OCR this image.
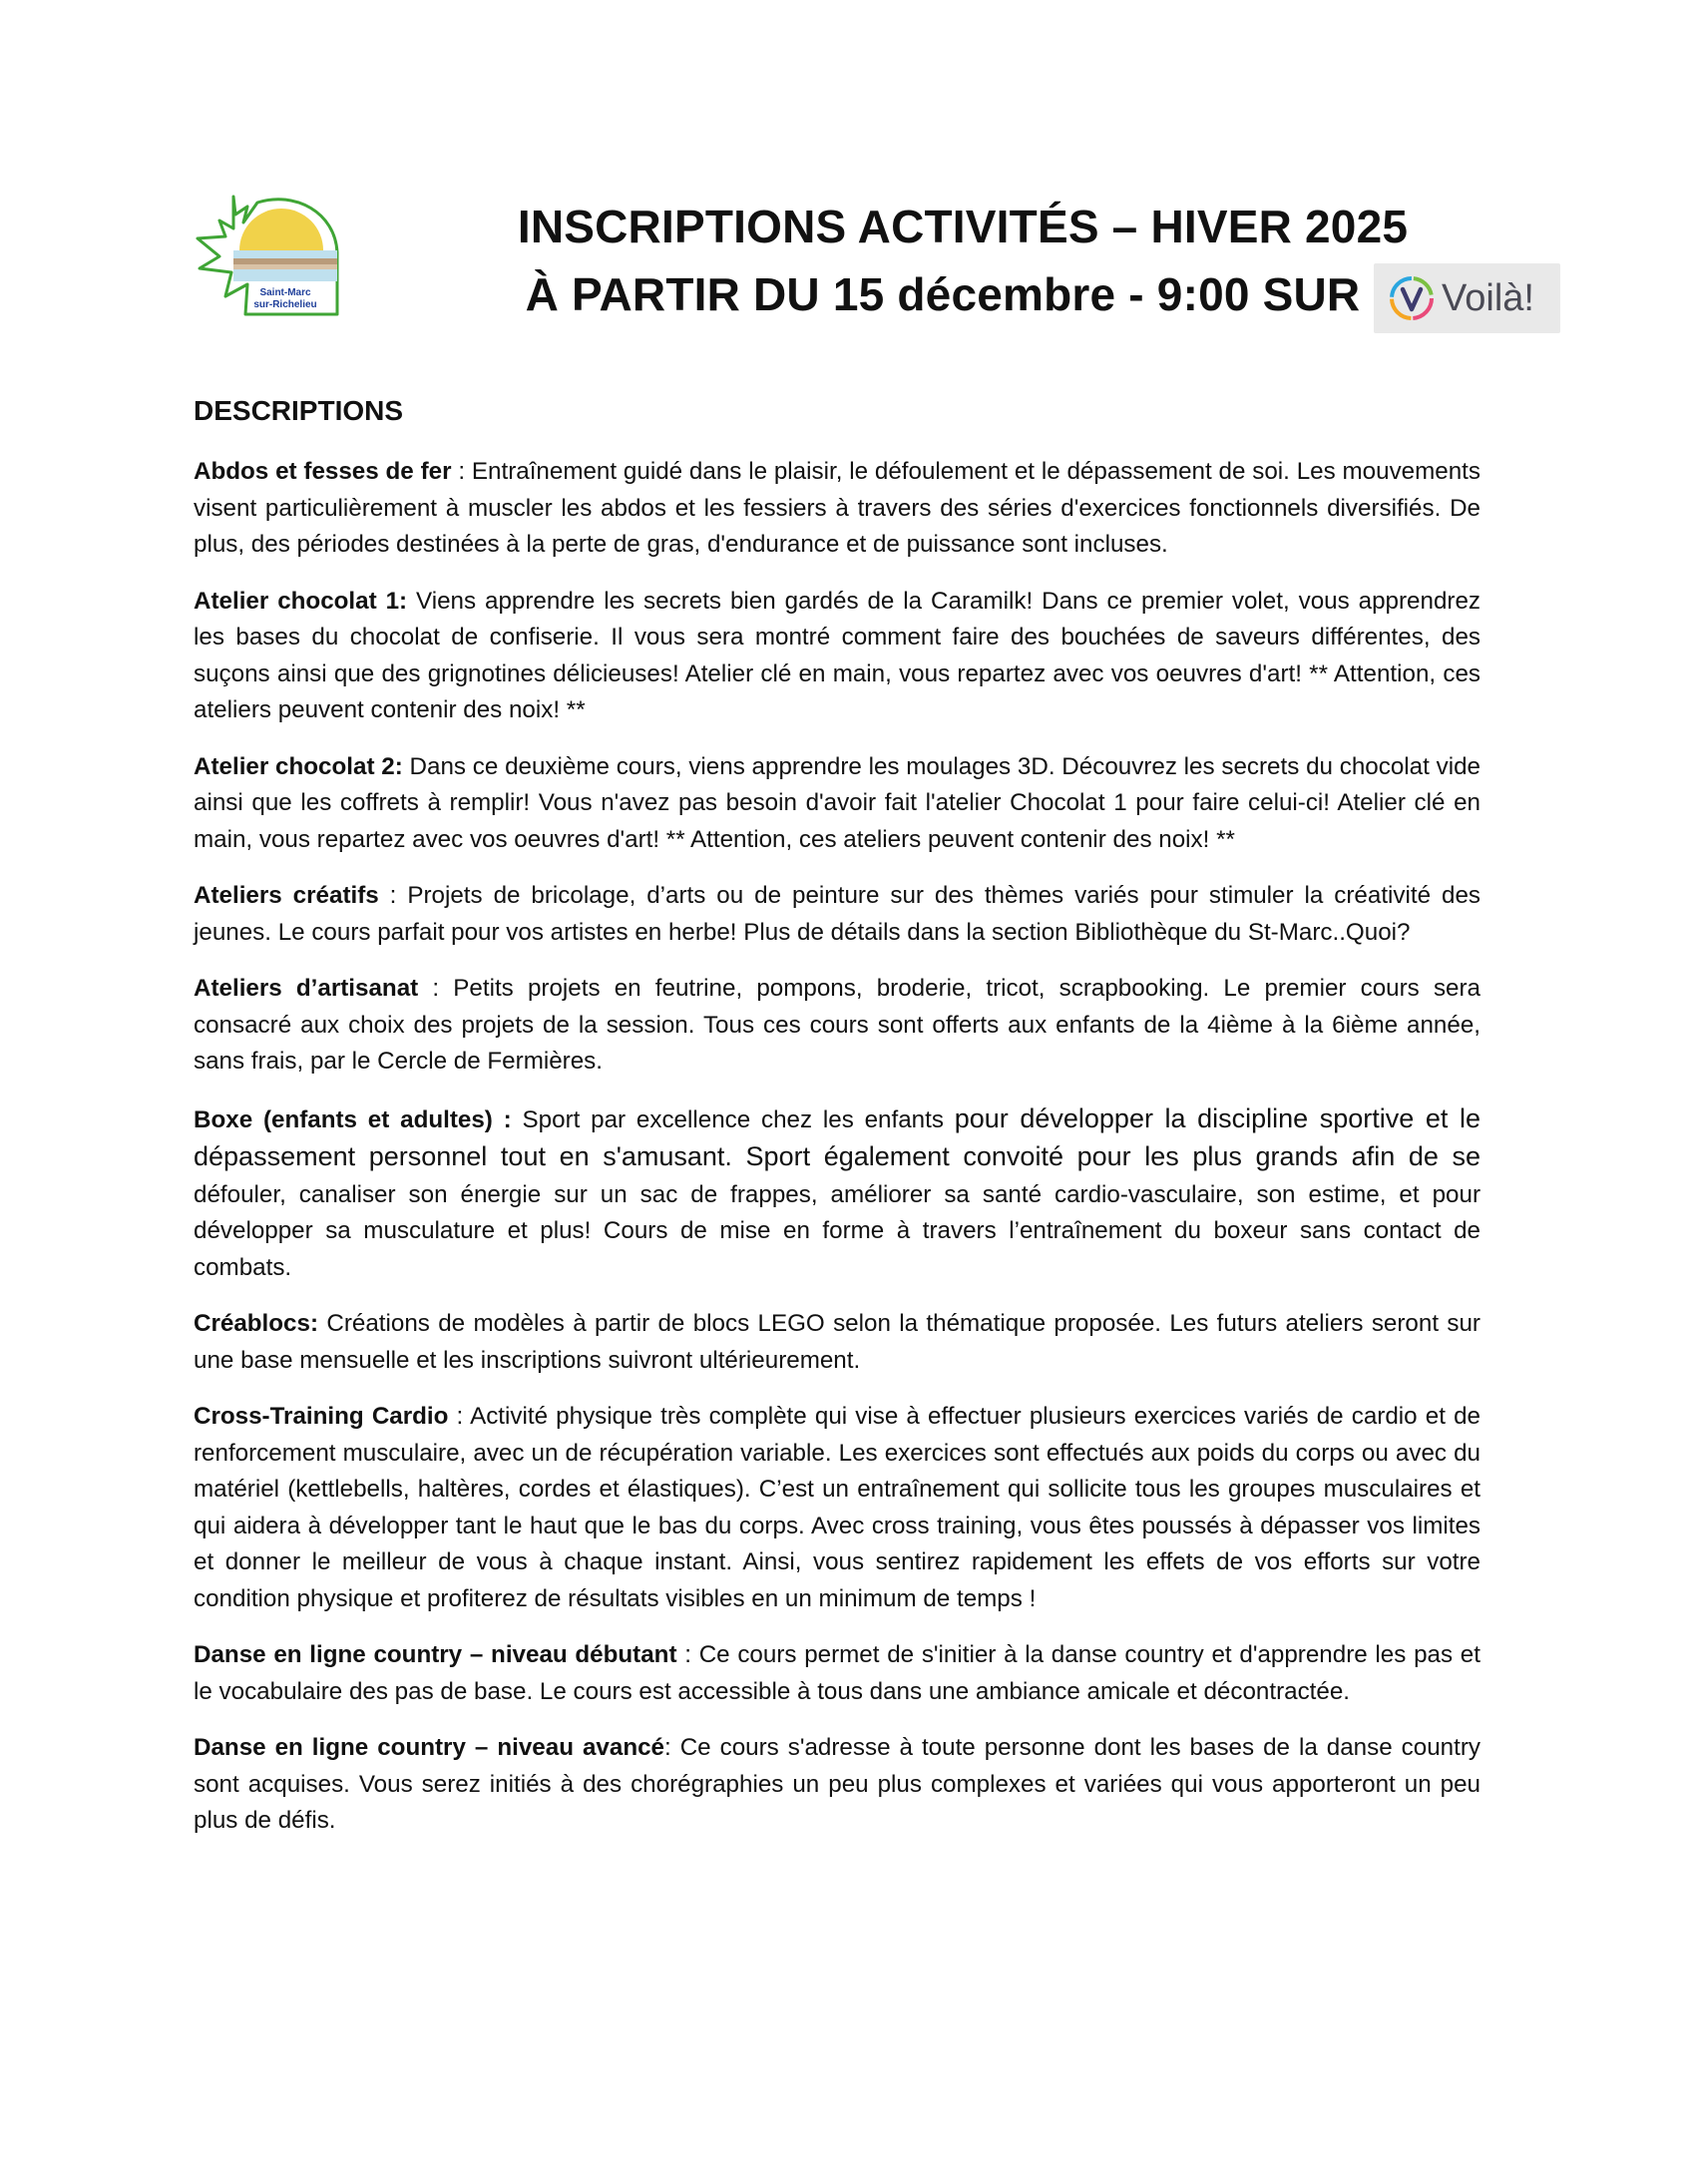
Saint-Marc
sur-Richelieu
INSCRIPTIONS ACTIVITÉS – HIVER 2025
À PARTIR DU 15 décembre - 9:00 SUR	Voilà!
DESCRIPTIONS

Abdos et fesses de fer : Entraînement guidé dans le plaisir, le défoulement et le dépassement de soi. Les mouvements visent particulièrement à muscler les abdos et les fessiers à travers des séries d'exercices fonctionnels diversifiés. De plus, des périodes destinées à la perte de gras, d'endurance et de puissance sont incluses.

Atelier chocolat 1: Viens apprendre les secrets bien gardés de la Caramilk! Dans ce premier volet, vous apprendrez les bases du chocolat de confiserie. Il vous sera montré comment faire des bouchées de saveurs différentes, des suçons ainsi que des grignotines délicieuses! Atelier clé en main, vous repartez avec vos oeuvres d'art! ** Attention, ces ateliers peuvent contenir des noix! **

Atelier chocolat 2: Dans ce deuxième cours, viens apprendre les moulages 3D. Découvrez les secrets du chocolat vide ainsi que les coffrets à remplir! Vous n'avez pas besoin d'avoir fait l'atelier Chocolat 1 pour faire celui-ci! Atelier clé en main, vous repartez avec vos oeuvres d'art! ** Attention, ces ateliers peuvent contenir des noix! **

Ateliers créatifs : Projets de bricolage, d’arts ou de peinture sur des thèmes variés pour stimuler la créativité des jeunes. Le cours parfait pour vos artistes en herbe! Plus de détails dans la section Bibliothèque du St-Marc..Quoi?

Ateliers d’artisanat : Petits projets en feutrine, pompons, broderie, tricot, scrapbooking. Le premier cours sera consacré aux choix des projets de la session. Tous ces cours sont offerts aux enfants de la 4ième à la 6ième année, sans frais, par le Cercle de Fermières.

Boxe (enfants et adultes) : Sport par excellence chez les enfants pour développer la discipline sportive et le dépassement personnel tout en s'amusant. Sport également convoité pour les plus grands afin de se défouler, canaliser son énergie sur un sac de frappes, améliorer sa santé cardio-vasculaire, son estime, et pour développer sa musculature et plus! Cours de mise en forme à travers l’entraînement du boxeur sans contact de combats.

Créablocs: Créations de modèles à partir de blocs LEGO selon la thématique proposée. Les futurs ateliers seront sur une base mensuelle et les inscriptions suivront ultérieurement.

Cross-Training Cardio : Activité physique très complète qui vise à effectuer plusieurs exercices variés de cardio et de renforcement musculaire, avec un de récupération variable. Les exercices sont effectués aux poids du corps ou avec du matériel (kettlebells, haltères, cordes et élastiques). C’est un entraînement qui sollicite tous les groupes musculaires et qui aidera à développer tant le haut que le bas du corps. Avec cross training, vous êtes poussés à dépasser vos limites et donner le meilleur de vous à chaque instant. Ainsi, vous sentirez rapidement les effets de vos efforts sur votre condition physique et profiterez de résultats visibles en un minimum de temps !

Danse en ligne country – niveau débutant : Ce cours permet de s'initier à la danse country et d'apprendre les pas et le vocabulaire des pas de base. Le cours est accessible à tous dans une ambiance amicale et décontractée.

Danse en ligne country – niveau avancé: Ce cours s'adresse à toute personne dont les bases de la danse country sont acquises. Vous serez initiés à des chorégraphies un peu plus complexes et variées qui vous apporteront un peu plus de défis.
